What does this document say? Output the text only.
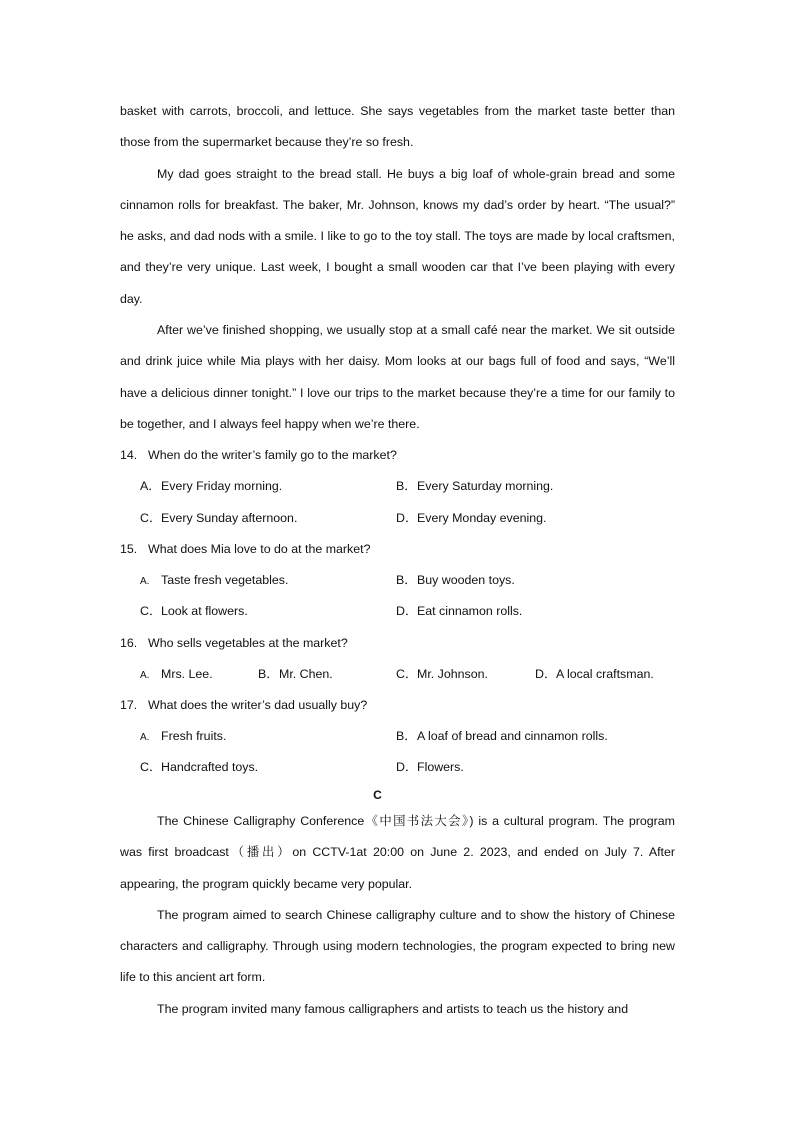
basket with carrots, broccoli, and lettuce. She says vegetables from the market taste better than those from the supermarket because they’re so fresh.

My dad goes straight to the bread stall. He buys a big loaf of whole-grain bread and some cinnamon rolls for breakfast. The baker, Mr. Johnson, knows my dad’s order by heart. “The usual?” he asks, and dad nods with a smile. I like to go to the toy stall. The toys are made by local craftsmen, and they’re very unique. Last week, I bought a small wooden car that I’ve been playing with every day.

After we’ve finished shopping, we usually stop at a small café near the market. We sit outside and drink juice while Mia plays with her daisy. Mom looks at our bags full of food and says, “We’ll have a delicious dinner tonight.” I love our trips to the market because they’re a time for our family to be together, and I always feel happy when we’re there.

14. When do the writer’s family go to the market?
A．Every Friday morning.	B．Every Saturday morning.
C．Every Sunday afternoon.	D．Every Monday evening.
15. What does Mia love to do at the market?
A. Taste fresh vegetables.	B．Buy wooden toys.
C．Look at flowers.	D．Eat cinnamon rolls.
16. Who sells vegetables at the market?
A. Mrs. Lee.	B．Mr. Chen.	C．Mr. Johnson.	D．A local craftsman.
17. What does the writer’s dad usually buy?
A. Fresh fruits.	B．A loaf of bread and cinnamon rolls.
C．Handcrafted toys.	D．Flowers.
C

The Chinese Calligraphy Conference《中国书法大会》) is a cultural program. The program was first broadcast（播出）on CCTV-1at 20:00 on June 2. 2023, and ended on July 7. After appearing, the program quickly became very popular.

The program aimed to search Chinese calligraphy culture and to show the history of Chinese characters and calligraphy. Through using modern technologies, the program expected to bring new life to this ancient art form.

The program invited many famous calligraphers and artists to teach us the history and
